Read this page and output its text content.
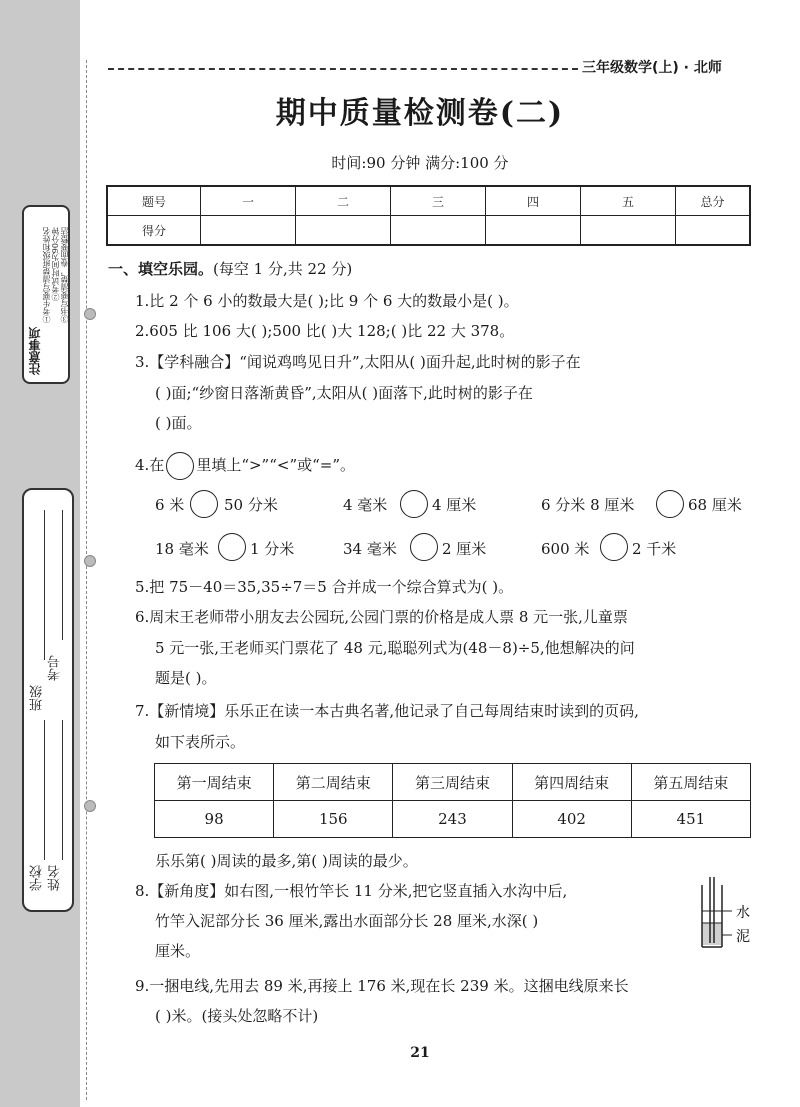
注意事项
①考生要写清楚班级和姓名 ②考试时间为90分钟 ③书写要清楚，卷面要整洁
学校 姓名
班级
考号
三年级数学(上) · 北师
期中质量检测卷(二)
时间:90 分钟 满分:100 分
题号	一	二	三	四	五	总分
得分						
一、填空乐园。(每空 1 分,共 22 分)
1.比 2 个 6 小的数最大是( );比 9 个 6 大的数最小是( )。
2.605 比 106 大( );500 比( )大 128;( )比 22 大 378。
3.【学科融合】“闻说鸡鸣见日升”,太阳从( )面升起,此时树的影子在
( )面;“纱窗日落渐黄昏”,太阳从( )面落下,此时树的影子在
( )面。
4.在 里填上“>”“<”或“=”。
6 米	50 分米	4 毫米	4 厘米	6 分米 8 厘米	68 厘米
18 毫米	1 分米	34 毫米	2 厘米	600 米	2 千米
5.把 75－40＝35,35÷7＝5 合并成一个综合算式为( )。
6.周末王老师带小朋友去公园玩,公园门票的价格是成人票 8 元一张,儿童票
5 元一张,王老师买门票花了 48 元,聪聪列式为(48－8)÷5,他想解决的问
题是( )。
7.【新情境】乐乐正在读一本古典名著,他记录了自己每周结束时读到的页码,
如下表所示。
第一周结束	第二周结束	第三周结束	第四周结束	第五周结束
98	156	243	402	451
乐乐第( )周读的最多,第( )周读的最少。
8.【新角度】如右图,一根竹竿长 11 分米,把它竖直插入水沟中后,
竹竿入泥部分长 36 厘米,露出水面部分长 28 厘米,水深( )
厘米。
水
泥
9.一捆电线,先用去 89 米,再接上 176 米,现在长 239 米。这捆电线原来长
( )米。(接头处忽略不计)
21
